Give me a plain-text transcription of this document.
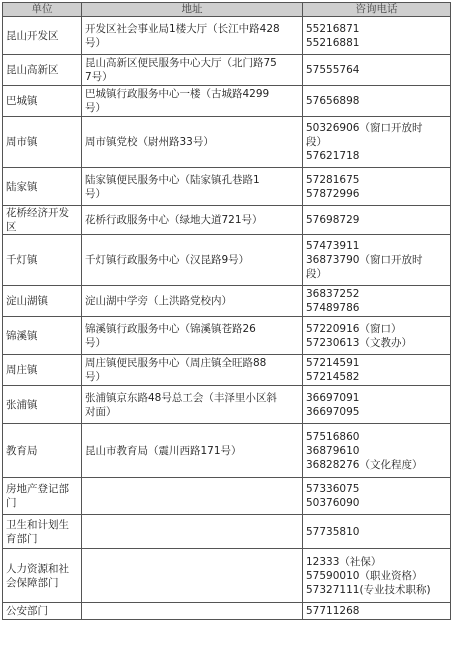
单位	地址	咨询电话

昆山开发区	开发区社会事业局1楼大厅（长江中路428
号）	55216871
55216881

昆山高新区	昆山高新区便民服务中心大厅（北门路75
7号）	57555764

巴城镇	巴城镇行政服务中心一楼（古城路4299
号）	57656898

周市镇	周市镇党校（尉州路33号）	50326906（窗口开放时
段）
57621718

陆家镇	陆家镇便民服务中心（陆家镇孔巷路1
号）	57281675
57872996

花桥经济开发
区	花桥行政服务中心（绿地大道721号）	57698729

千灯镇	千灯镇行政服务中心（汉昆路9号）	57473911
36873790（窗口开放时
段）

淀山湖镇	淀山湖中学旁（上洪路党校内）	36837252
57489786

锦溪镇	锦溪镇行政服务中心（锦溪镇苍路26
号）	57220916（窗口）
57230613（文教办）

周庄镇	周庄镇便民服务中心（周庄镇全旺路88
号）	57214591
57214582

张浦镇	张浦镇京东路48号总工会（丰泽里小区斜
对面）	36697091
36697095

教育局	昆山市教育局（震川西路171号）	57516860
36879610
36828276（文化程度）

房地产登记部
门		57336075
50376090

卫生和计划生
育部门		57735810

人力资源和社
会保障部门		12333（社保）
57590010（职业资格）
57327111(专业技术职称)

公安部门		57711268
